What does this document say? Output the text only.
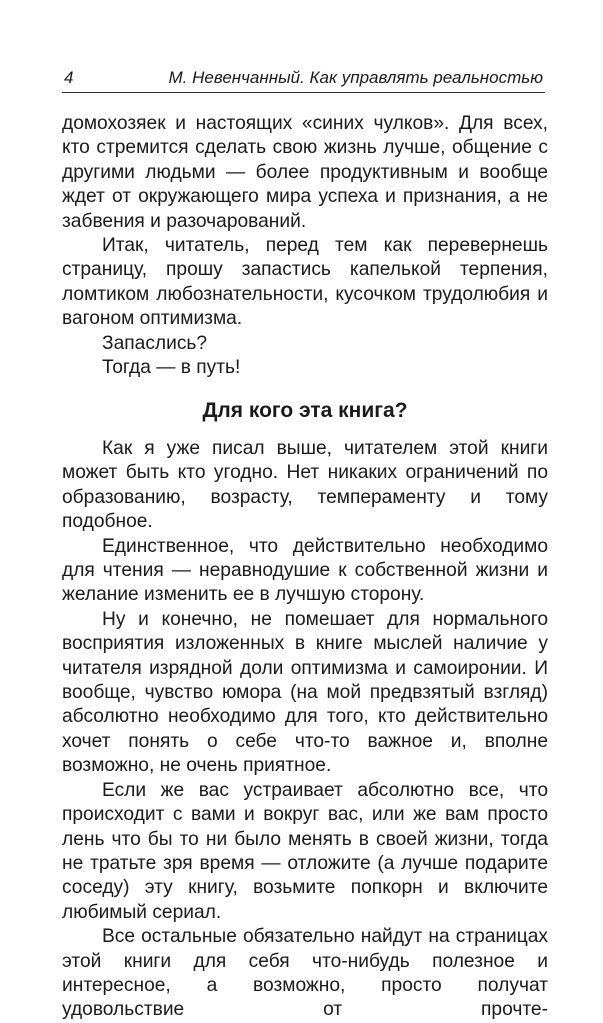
4	М. Невенчанный. Как управлять реальностью

домохозяек и настоящих «синих чулков». Для всех, кто стремится сделать свою жизнь лучше, общение с другими людьми — более продуктивным и вообще ждет от окружающего мира успеха и признания, а не забвения и разочарований.

Итак, читатель, перед тем как перевернешь страницу, прошу запастись капелькой терпения, ломтиком любознательности, кусочком трудолюбия и вагоном оптимизма.

Запаслись?

Тогда — в путь!

Для кого эта книга?

Как я уже писал выше, читателем этой книги может быть кто угодно. Нет никаких ограничений по образованию, возрасту, темпераменту и тому подобное.

Единственное, что действительно необходимо для чтения — неравнодушие к собственной жизни и желание изменить ее в лучшую сторону.

Ну и конечно, не помешает для нормального восприятия изложенных в книге мыслей наличие у читателя изрядной доли оптимизма и самоиронии. И вообще, чувство юмора (на мой предвзятый взгляд) абсолютно необходимо для того, кто действительно хочет понять о себе что-то важное и, вполне возможно, не очень приятное.

Если же вас устраивает абсолютно все, что происходит с вами и вокруг вас, или же вам просто лень что бы то ни было менять в своей жизни, тогда не тратьте зря время — отложите (а лучше подарите соседу) эту книгу, возьмите попкорн и включите любимый сериал.

Все остальные обязательно найдут на страницах этой книги для себя что-нибудь полезное и интересное, а возможно, просто получат удовольствие от прочте-
